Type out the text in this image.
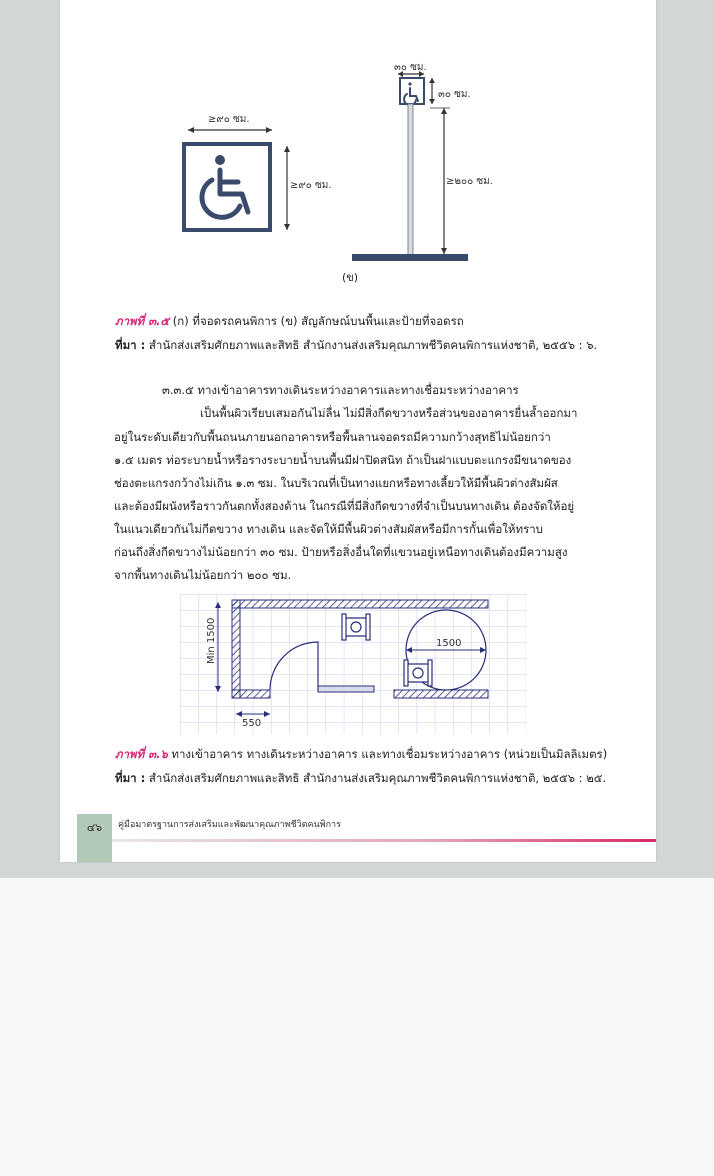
≥๙๐ ซม.
≥๙๐ ซม.
๓๐ ซม.
๓๐ ซม.
≥๒๐๐ ซม.
(ข)
ภาพที่ ๓.๕ (ก) ที่จอดรถคนพิการ (ข) สัญลักษณ์บนพื้นและป้ายที่จอดรถ
ที่มา : สำนักส่งเสริมศักยภาพและสิทธิ สำนักงานส่งเสริมคุณภาพชีวิตคนพิการแห่งชาติ, ๒๕๕๖ : ๖.
๓.๓.๕ ทางเข้าอาคารทางเดินระหว่างอาคารและทางเชื่อมระหว่างอาคาร
เป็นพื้นผิวเรียบเสมอกันไม่ลื่น ไม่มีสิ่งกีดขวางหรือส่วนของอาคารยื่นล้ำออกมา
อยู่ในระดับเดียวกับพื้นถนนภายนอกอาคารหรือพื้นลานจอดรถมีความกว้างสุทธิไม่น้อยกว่า
๑.๕ เมตร ท่อระบายน้ำหรือรางระบายน้ำบนพื้นมีฝาปิดสนิท ถ้าเป็นฝาแบบตะแกรงมีขนาดของ
ช่องตะแกรงกว้างไม่เกิน ๑.๓ ซม. ในบริเวณที่เป็นทางแยกหรือทางเลี้ยวให้มีพื้นผิวต่างสัมผัส
และต้องมีผนังหรือราวกันตกทั้งสองด้าน ในกรณีที่มีสิ่งกีดขวางที่จำเป็นบนทางเดิน ต้องจัดให้อยู่
ในแนวเดียวกันไม่กีดขวาง ทางเดิน และจัดให้มีพื้นผิวต่างสัมผัสหรือมีการกั้นเพื่อให้ทราบ
ก่อนถึงสิ่งกีดขวางไม่น้อยกว่า ๓๐ ซม. ป้ายหรือสิ่งอื่นใดที่แขวนอยู่เหนือทางเดินต้องมีความสูง
จากพื้นทางเดินไม่น้อยกว่า ๒๐๐ ซม.
1500
Min 1500
550
ภาพที่ ๓.๖ ทางเข้าอาคาร ทางเดินระหว่างอาคาร และทางเชื่อมระหว่างอาคาร (หน่วยเป็นมิลลิเมตร)
ที่มา : สำนักส่งเสริมศักยภาพและสิทธิ สำนักงานส่งเสริมคุณภาพชีวิตคนพิการแห่งชาติ, ๒๕๕๖ : ๒๕.
๔๖	คู่มือมาตรฐานการส่งเสริมและพัฒนาคุณภาพชีวิตคนพิการ
